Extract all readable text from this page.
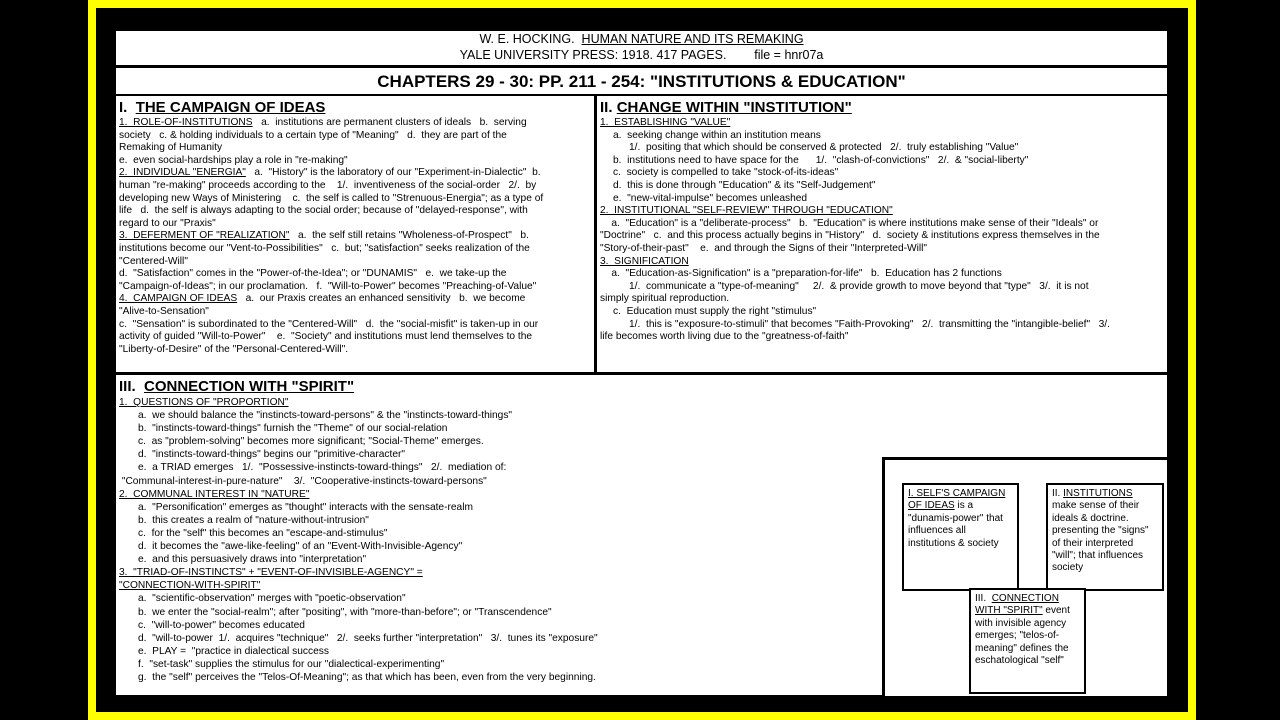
W. E. HOCKING. HUMAN NATURE AND ITS REMAKING
YALE UNIVERSITY PRESS: 1918. 417 PAGES. file = hnr07a
CHAPTERS 29 - 30: PP. 211 - 254: "INSTITUTIONS & EDUCATION"
I. THE CAMPAIGN OF IDEAS
1.  ROLE-OF-INSTITUTIONS   a.  institutions are permanent clusters of ideals   b.  serving
society   c. & holding individuals to a certain type of "Meaning"   d.  they are part of the
Remaking of Humanity
e.  even social-hardships play a role in "re-making"
2.  INDIVIDUAL "ENERGIA"   a.  "History" is the laboratory of our "Experiment-in-Dialectic"  b.
human "re-making" proceeds according to the    1/.  inventiveness of the social-order   2/.  by
developing new Ways of Ministering    c.  the self is called to "Strenuous-Energia"; as a type of
life   d.  the self is always adapting to the social order; because of "delayed-response", with
regard to our "Praxis"
3.  DEFERMENT OF "REALIZATION"   a.  the self still retains "Wholeness-of-Prospect"   b.
institutions become our "Vent-to-Possibilities"   c.  but; "satisfaction" seeks realization of the
"Centered-Will"
d.  "Satisfaction" comes in the "Power-of-the-Idea"; or "DUNAMIS"   e.  we take-up the
"Campaign-of-Ideas"; in our proclamation.   f.  "Will-to-Power" becomes "Preaching-of-Value"
4.  CAMPAIGN OF IDEAS   a.  our Praxis creates an enhanced sensitivity   b.  we become
"Alive-to-Sensation"
c.  "Sensation" is subordinated to the "Centered-Will"   d.  the "social-misfit" is taken-up in our
activity of guided "Will-to-Power"    e.  "Society" and institutions must lend themselves to the
"Liberty-of-Desire" of the "Personal-Centered-Will".
II. CHANGE WITHIN "INSTITUTION"
1.  ESTABLISHING "VALUE"
a.  seeking change within an institution means
1/.  positing that which should be conserved & protected   2/.  truly establishing "Value"
b.  institutions need to have space for the      1/.  "clash-of-convictions"   2/.  & "social-liberty"
c.  society is compelled to take "stock-of-its-ideas"
d.  this is done through "Education" & its "Self-Judgement"
e.  "new-vital-impulse" becomes unleashed
2.  INSTITUTIONAL "SELF-REVIEW" THROUGH "EDUCATION"
a.  "Education" is a "deliberate-process"   b.  "Education" is where institutions make sense of their "Ideals" or
"Doctrine"   c.  and this process actually begins in "History"   d.  society & institutions express themselves in the
"Story-of-their-past"    e.  and through the Signs of their "Interpreted-Will"
3.  SIGNIFICATION
a.  "Education-as-Signification" is a "preparation-for-life"   b.  Education has 2 functions
1/.  communicate a "type-of-meaning"     2/.  & provide growth to move beyond that "type"   3/.  it is not
simply spiritual reproduction.
c.  Education must supply the right "stimulus"
1/.  this is "exposure-to-stimuli" that becomes "Faith-Provoking"   2/.  transmitting the "intangible-belief"   3/.
life becomes worth living due to the "greatness-of-faith"
III. CONNECTION WITH "SPIRIT"
1.  QUESTIONS OF "PROPORTION"
a.  we should balance the "instincts-toward-persons" & the "instincts-toward-things"
b.  "instincts-toward-things" furnish the "Theme" of our social-relation
c.  as "problem-solving" becomes more significant; "Social-Theme" emerges.
d.  "instincts-toward-things" begins our "primitive-character"
e.  a TRIAD emerges   1/.  "Possessive-instincts-toward-things"   2/.  mediation of:
"Communal-interest-in-pure-nature"    3/.  "Cooperative-instincts-toward-persons"
2.  COMMUNAL INTEREST IN "NATURE"
a.  "Personification" emerges as "thought" interacts with the sensate-realm
b.  this creates a realm of "nature-without-intrusion"
c.  for the "self" this becomes an "escape-and-stimulus"
d.  it becomes the "awe-like-feeling" of an "Event-With-Invisible-Agency"
e.  and this persuasively draws into "interpretation"
3.  "TRIAD-OF-INSTINCTS" + "EVENT-OF-INVISIBLE-AGENCY" =
"CONNECTION-WITH-SPIRIT"
a.  "scientific-observation" merges with "poetic-observation"
b.  we enter the "social-realm"; after "positing", with "more-than-before"; or "Transcendence"
c.  "will-to-power" becomes educated
d.  "will-to-power  1/.  acquires "technique"   2/.  seeks further "interpretation"   3/.  tunes its "exposure"
e.  PLAY =  "practice in dialectical success
f.  "set-task" supplies the stimulus for our "dialectical-experimenting"
g.  the "self" perceives the "Telos-Of-Meaning"; as that which has been, even from the very beginning.
I. SELF'S CAMPAIGN OF IDEAS is a "dunamis-power" that influences all institutions & society
II. INSTITUTIONS
make sense of their ideals & doctrine. presenting the "signs" of their interpreted "will"; that influences society
III. CONNECTION WITH "SPIRIT" event with invisible agency emerges; "telos-of-meaning" defines the eschatological "self"
